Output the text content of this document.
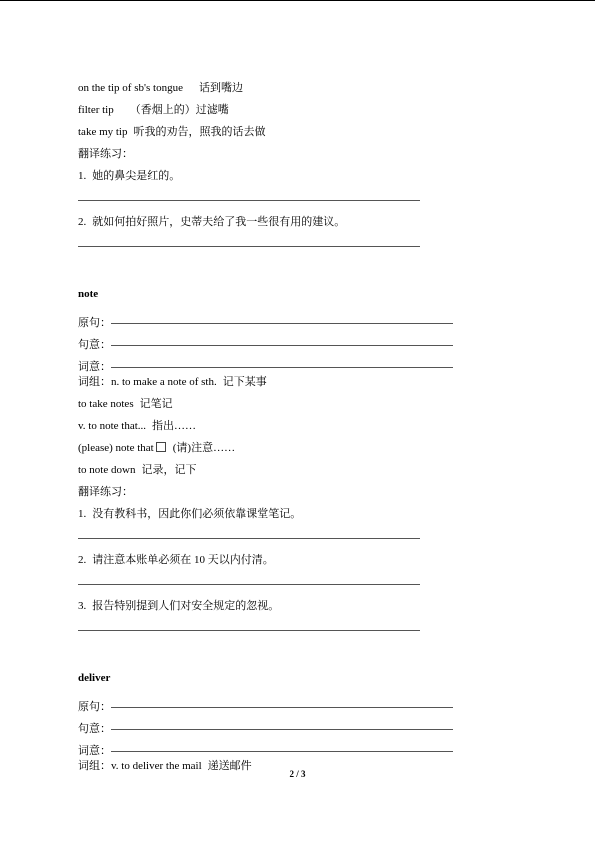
on the tip of sb's tongue 话到嘴边
filter tip （香烟上的）过滤嘴
take my tip 听我的劝告，照我的话去做
翻译练习：
1. 她的鼻尖是红的。
2. 就如何拍好照片，史蒂夫给了我一些很有用的建议。
note
原句：
句意：
词意：
词组：n. to make a note of sth. 记下某事
to take notes 记笔记
v. to note that... 指出……
(please) note that (请)注意……
to note down 记录，记下
翻译练习：
1. 没有教科书，因此你们必须依靠课堂笔记。
2. 请注意本账单必须在 10 天以内付清。
3. 报告特别提到人们对安全规定的忽视。
deliver
原句：
句意：
词意：
词组：v. to deliver the mail 递送邮件
2 / 3
